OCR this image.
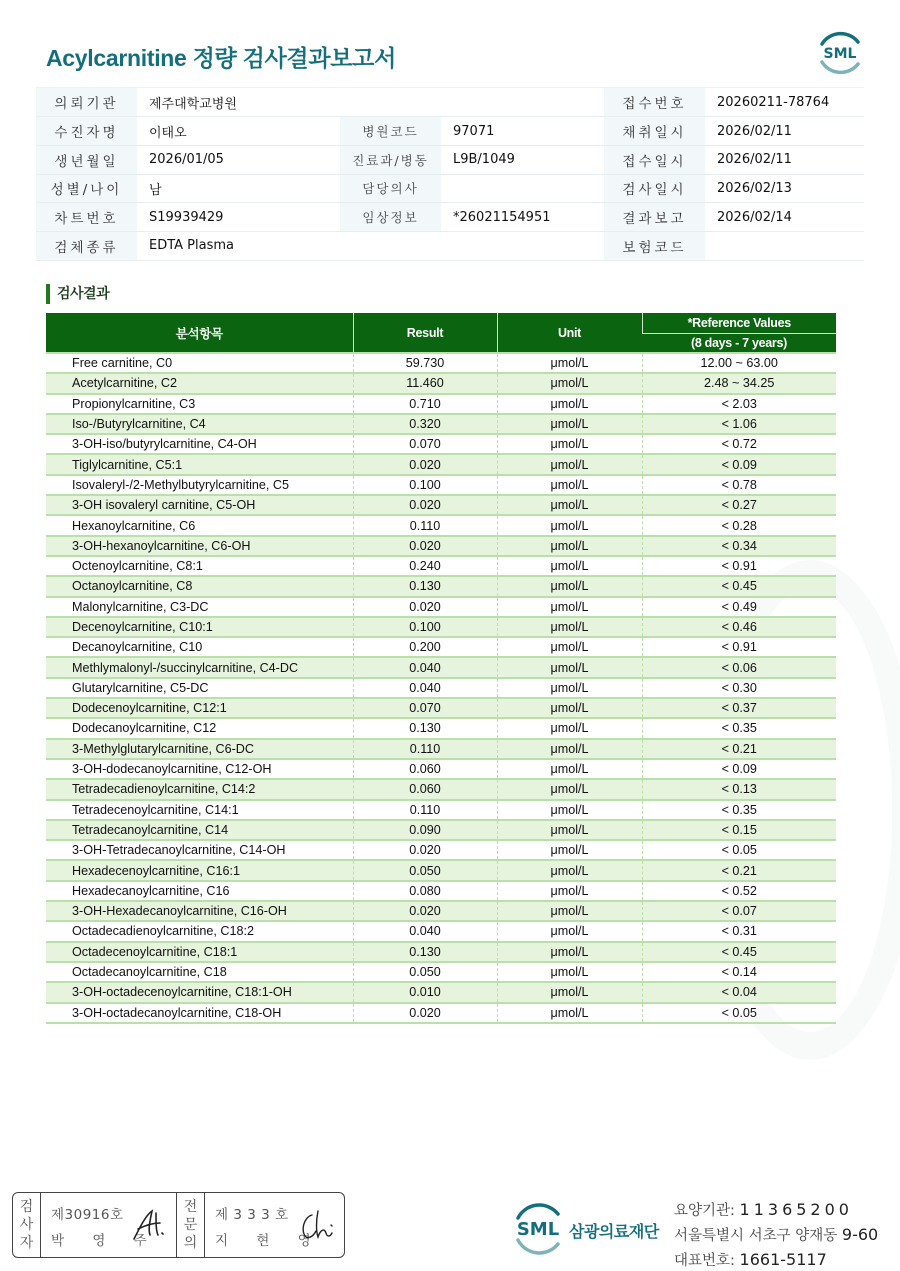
Acylcarnitine 정량 검사결과보고서	SML
의뢰기관	제주대학교병원			접수번호	20260211-78764
수진자명	이태오	병원코드	97071	채취일시	2026/02/11
생년월일	2026/01/05	진료과/병동	L9B/1049	접수일시	2026/02/11
성별/나이	남	담당의사		검사일시	2026/02/13
차트번호	S19939429	임상정보	*26021154951	결과보고	2026/02/14
검체종류	EDTA Plasma			보험코드	
검사결과
분석항목	Result	Unit	*Reference Values
			(8 days - 7 years)
Free carnitine, C0	59.730	μmol/L	12.00 ~ 63.00
Acetylcarnitine, C2	11.460	μmol/L	2.48 ~ 34.25
Propionylcarnitine, C3	0.710	μmol/L	< 2.03
Iso-/Butyrylcarnitine, C4	0.320	μmol/L	< 1.06
3-OH-iso/butyrylcarnitine, C4-OH	0.070	μmol/L	< 0.72
Tiglylcarnitine, C5:1	0.020	μmol/L	< 0.09
Isovaleryl-/2-Methylbutyrylcarnitine, C5	0.100	μmol/L	< 0.78
3-OH isovaleryl carnitine, C5-OH	0.020	μmol/L	< 0.27
Hexanoylcarnitine, C6	0.110	μmol/L	< 0.28
3-OH-hexanoylcarnitine, C6-OH	0.020	μmol/L	< 0.34
Octenoylcarnitine, C8:1	0.240	μmol/L	< 0.91
Octanoylcarnitine, C8	0.130	μmol/L	< 0.45
Malonylcarnitine, C3-DC	0.020	μmol/L	< 0.49
Decenoylcarnitine, C10:1	0.100	μmol/L	< 0.46
Decanoylcarnitine, C10	0.200	μmol/L	< 0.91
Methlymalonyl-/succinylcarnitine, C4-DC	0.040	μmol/L	< 0.06
Glutarylcarnitine, C5-DC	0.040	μmol/L	< 0.30
Dodecenoylcarnitine, C12:1	0.070	μmol/L	< 0.37
Dodecanoylcarnitine, C12	0.130	μmol/L	< 0.35
3-Methylglutarylcarnitine, C6-DC	0.110	μmol/L	< 0.21
3-OH-dodecanoylcarnitine, C12-OH	0.060	μmol/L	< 0.09
Tetradecadienoylcarnitine, C14:2	0.060	μmol/L	< 0.13
Tetradecenoylcarnitine, C14:1	0.110	μmol/L	< 0.35
Tetradecanoylcarnitine, C14	0.090	μmol/L	< 0.15
3-OH-Tetradecanoylcarnitine, C14-OH	0.020	μmol/L	< 0.05
Hexadecenoylcarnitine, C16:1	0.050	μmol/L	< 0.21
Hexadecanoylcarnitine, C16	0.080	μmol/L	< 0.52
3-OH-Hexadecanoylcarnitine, C16-OH	0.020	μmol/L	< 0.07
Octadecadienoylcarnitine, C18:2	0.040	μmol/L	< 0.31
Octadecenoylcarnitine, C18:1	0.130	μmol/L	< 0.45
Octadecanoylcarnitine, C18	0.050	μmol/L	< 0.14
3-OH-octadecenoylcarnitine, C18:1-OH	0.010	μmol/L	< 0.04
3-OH-octadecanoylcarnitine, C18-OH	0.020	μmol/L	< 0.05
검
사
자
제30916호
박 영 주
전
문
의
제 3 3 3 호
지 현 영
SML 삼광의료재단
요양기관: 11365200
서울특별시 서초구 양재동 9-60
대표번호: 1661-5117
